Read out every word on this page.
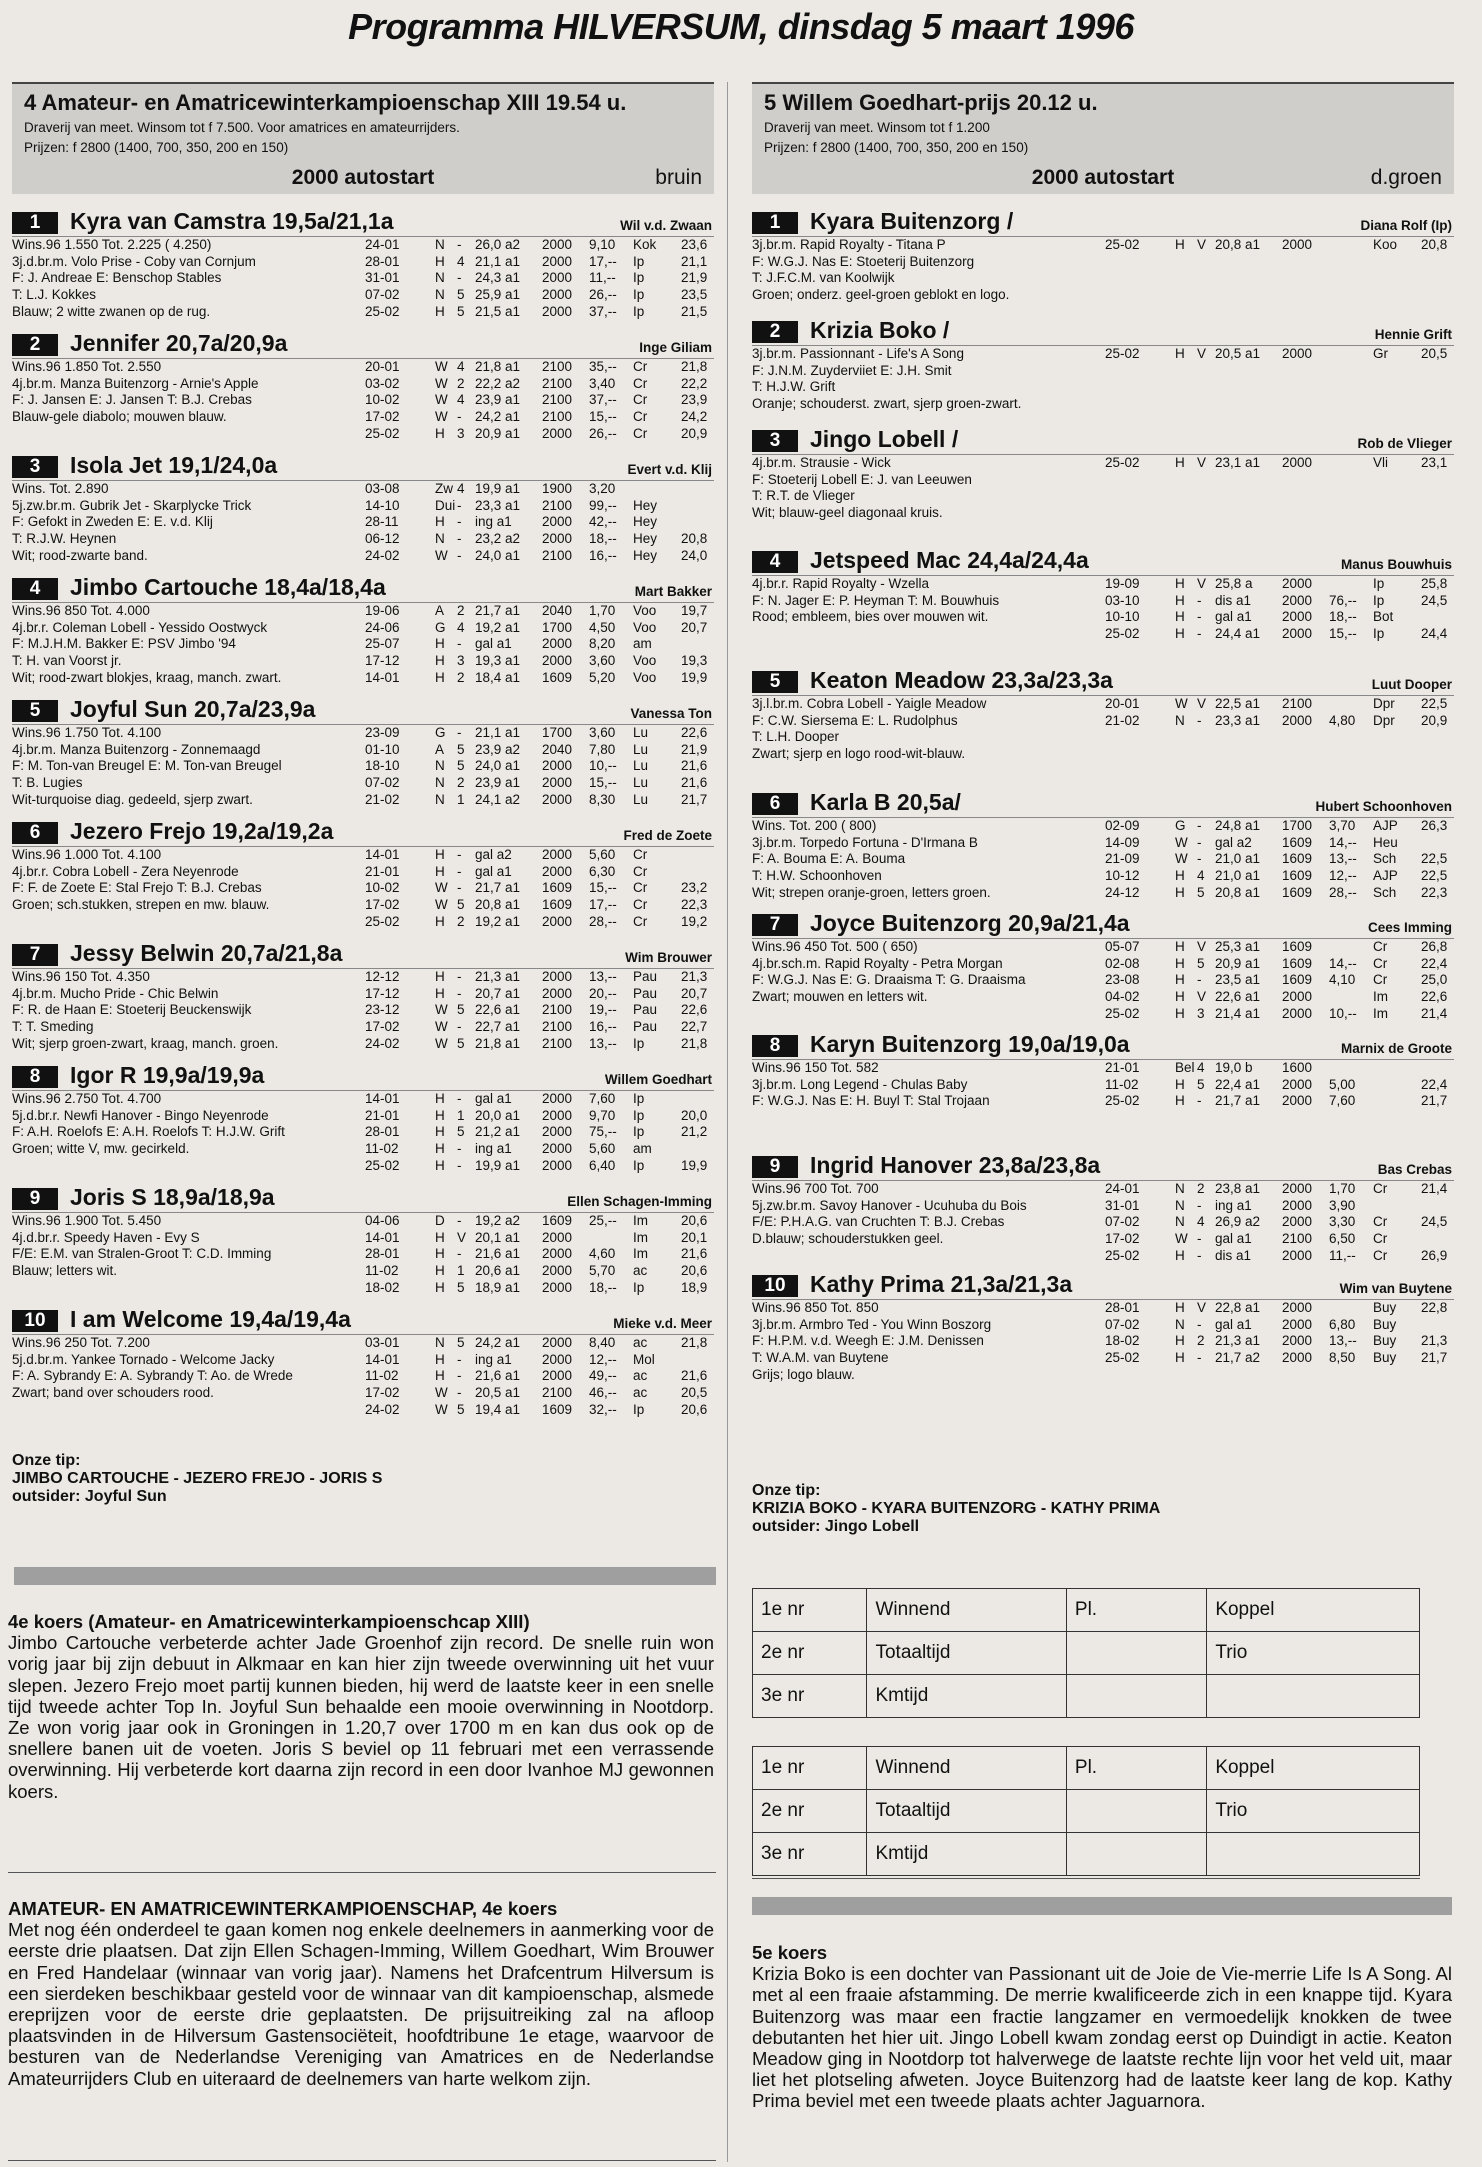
Programma HILVERSUM, dinsdag 5 maart 1996
4 Amateur- en Amatricewinterkampioenschap XIII 19.54 u.
Draverij van meet. Winsom tot f 7.500. Voor amatrices en amateurrijders.
Prijzen: f 2800 (1400, 700, 350, 200 en 150)
2000 autostart	bruin
1	Kyra van Camstra 19,5a/21,1a	Wil v.d. Zwaan
Wins.96 1.550 Tot. 2.225 ( 4.250)
3j.d.br.m. Volo Prise - Coby van Cornjum
F: J. Andreae E: Benschop Stables
T: L.J. Kokkes
Blauw; 2 witte zwanen op de rug.
24-01	N - 26,0 a2 2000 9,10 Kok 23,6
28-01	H 4 21,1 a1 2000 17,-- Ip	21,1
31-01	N - 24,3 a1 2000 11,-- Ip	21,9
07-02	N 5 25,9 a1 2000 26,-- Ip	23,5
25-02	H 5 21,5 a1 2000 37,-- Ip	21,5
2	Jennifer 20,7a/20,9a	Inge Giliam
Wins.96 1.850 Tot. 2.550
4j.br.m. Manza Buitenzorg - Arnie's Apple
F: J. Jansen E: J. Jansen T: B.J. Crebas
Blauw-gele diabolo; mouwen blauw.
20-01	W 4 21,8 a1 2100 35,-- Cr	21,8
03-02	W 2 22,2 a2 2100 3,40 Cr	22,2
10-02	W 4 23,9 a1 2100 37,-- Cr	23,9
17-02	W - 24,2 a1 2100 15,-- Cr	24,2
25-02	H 3 20,9 a1 2000 26,-- Cr	20,9
3	Isola Jet 19,1/24,0a	Evert v.d. Klij
Wins. Tot. 2.890
5j.zw.br.m. Gubrik Jet - Skarplycke Trick
F: Gefokt in Zweden E: E. v.d. Klij
T: R.J.W. Heynen
Wit; rood-zwarte band.
03-08	Zw 4 19,9 a1 1900 3,20
14-10	Dui - 23,3 a1 2100 99,-- Hey
28-11	H - ing a1 2000 42,-- Hey
06-12	N - 23,2 a2 2000 18,-- Hey 20,8
24-02	W - 24,0 a1 2100 16,-- Hey 24,0
4	Jimbo Cartouche 18,4a/18,4a	Mart Bakker
Wins.96 850 Tot. 4.000
4j.br.r. Coleman Lobell - Yessido Oostwyck
F: M.J.H.M. Bakker E: PSV Jimbo '94
T: H. van Voorst jr.
Wit; rood-zwart blokjes, kraag, manch. zwart.
19-06	A 2 21,7 a1 2040 1,70 Voo 19,7
24-06	G 4 19,2 a1 1700 4,50 Voo 20,7
25-07	H - gal a1 2000 8,20 am
17-12	H 3 19,3 a1 2000 3,60 Voo 19,3
14-01	H 2 18,4 a1 1609 5,20 Voo 19,9
5	Joyful Sun 20,7a/23,9a	Vanessa Ton
Wins.96 1.750 Tot. 4.100
4j.br.m. Manza Buitenzorg - Zonnemaagd
F: M. Ton-van Breugel E: M. Ton-van Breugel
T: B. Lugies
Wit-turquoise diag. gedeeld, sjerp zwart.
23-09	G - 21,1 a1 1700 3,60 Lu 22,6
01-10	A 5 23,9 a2 2040 7,80 Lu 21,9
18-10	N 5 24,0 a1 2000 10,-- Lu 21,6
07-02	N 2 23,9 a1 2000 15,-- Lu 21,6
21-02	N 1 24,1 a2 2000 8,30 Lu 21,7
6	Jezero Frejo 19,2a/19,2a	Fred de Zoete
Wins.96 1.000 Tot. 4.100
4j.br.r. Cobra Lobell - Zera Neyenrode
F: F. de Zoete E: Stal Frejo T: B.J. Crebas
Groen; sch.stukken, strepen en mw. blauw.
14-01	H - gal a2 2000 5,60 Cr
21-01	H - gal a1 2000 6,30 Cr
10-02	W - 21,7 a1 1609 15,-- Cr	23,2
17-02	W 5 20,8 a1 1609 17,-- Cr	22,3
25-02	H 2 19,2 a1 2000 28,-- Cr	19,2
7	Jessy Belwin 20,7a/21,8a	Wim Brouwer
Wins.96 150 Tot. 4.350
4j.br.m. Mucho Pride - Chic Belwin
F: R. de Haan E: Stoeterij Beuckenswijk
T: T. Smeding
Wit; sjerp groen-zwart, kraag, manch. groen.
12-12	H - 21,3 a1 2000 13,-- Pau 21,3
17-12	H - 20,7 a1 2000 20,-- Pau 20,7
23-12	W 5 22,6 a1 2100 19,-- Pau 22,6
17-02	W - 22,7 a1 2100 16,-- Pau 22,7
24-02	W 5 21,8 a1 2100 13,-- Ip	21,8
8	Igor R 19,9a/19,9a	Willem Goedhart
Wins.96 2.750 Tot. 4.700
5j.d.br.r. Newfi Hanover - Bingo Neyenrode
F: A.H. Roelofs E: A.H. Roelofs T: H.J.W. Grift
Groen; witte V, mw. gecirkeld.
14-01	H - gal a1 2000 7,60 Ip
21-01	H 1 20,0 a1 2000 9,70 Ip	20,0
28-01	H 5 21,2 a1 2000 75,-- Ip	21,2
11-02	H - ing a1 2000 5,60 am
25-02	H - 19,9 a1 2000 6,40 Ip	19,9
9	Joris S 18,9a/18,9a	Ellen Schagen-Imming
Wins.96 1.900 Tot. 5.450
4j.d.br.r. Speedy Haven - Evy S
F/E: E.M. van Stralen-Groot T: C.D. Imming
Blauw; letters wit.
04-06	D - 19,2 a2 1609 25,-- Im 20,6
14-01	H V 20,1 a1 2000	Im 20,1
28-01	H - 21,6 a1 2000 4,60 Im 21,6
11-02	H 1 20,6 a1 2000 5,70 ac 20,6
18-02	H 5 18,9 a1 2000 18,-- Ip	18,9
10	I am Welcome 19,4a/19,4a	Mieke v.d. Meer
Wins.96 250 Tot. 7.200
5j.d.br.m. Yankee Tornado - Welcome Jacky
F: A. Sybrandy E: A. Sybrandy T: Ao. de Wrede
Zwart; band over schouders rood.
03-01	N 5 24,2 a1 2000 8,40 ac 21,8
14-01	H - ing a1 2000 12,-- Mol
11-02	H - 21,6 a1 2000 49,-- ac 21,6
17-02	W - 20,5 a1 2100 46,-- ac 20,5
24-02	W 5 19,4 a1 1609 32,-- Ip	20,6
Onze tip:
JIMBO CARTOUCHE - JEZERO FREJO - JORIS S
outsider: Joyful Sun
5 Willem Goedhart-prijs 20.12 u.
Draverij van meet. Winsom tot f 1.200
Prijzen: f 2800 (1400, 700, 350, 200 en 150)
2000 autostart	d.groen
1	Kyara Buitenzorg /	Diana Rolf (Ip)
3j.br.m. Rapid Royalty - Titana P
F: W.G.J. Nas E: Stoeterij Buitenzorg
T: J.F.C.M. van Koolwijk
Groen; onderz. geel-groen geblokt en logo.
25-02	H V 20,8 a1 2000	Koo 20,8
2	Krizia Boko /	Hennie Grift
3j.br.m. Passionnant - Life's A Song
F: J.N.M. Zuyderviiet E: J.H. Smit
T: H.J.W. Grift
Oranje; schouderst. zwart, sjerp groen-zwart.
25-02	H V 20,5 a1 2000	Gr 20,5
3	Jingo Lobell /	Rob de Vlieger
4j.br.m. Strausie - Wick
F: Stoeterij Lobell E: J. van Leeuwen
T: R.T. de Vlieger
Wit; blauw-geel diagonaal kruis.
25-02	H V 23,1 a1 2000	Vli 23,1
4	Jetspeed Mac 24,4a/24,4a	Manus Bouwhuis
4j.br.r. Rapid Royalty - Wzella
F: N. Jager E: P. Heyman T: M. Bouwhuis
Rood; embleem, bies over mouwen wit.
19-09	H V 25,8 a 2000	Ip	25,8
03-10	H - dis a1 2000 76,-- Ip	24,5
10-10	H - gal a1 2000 18,-- Bot
25-02	H - 24,4 a1 2000 15,-- Ip	24,4
5	Keaton Meadow 23,3a/23,3a	Luut Dooper
3j.l.br.m. Cobra Lobell - Yaigle Meadow
F: C.W. Siersema E: L. Rudolphus
T: L.H. Dooper
Zwart; sjerp en logo rood-wit-blauw.
20-01	W V 22,5 a1 2100	Dpr 22,5
21-02	N - 23,3 a1 2000 4,80 Dpr 20,9
6	Karla B 20,5a/	Hubert Schoonhoven
Wins. Tot. 200 ( 800)
3j.br.m. Torpedo Fortuna - D'Irmana B
F: A. Bouma E: A. Bouma
T: H.W. Schoonhoven
Wit; strepen oranje-groen, letters groen.
02-09	G - 24,8 a1 1700 3,70 AJP 26,3
14-09	W - gal a2 1609 14,-- Heu
21-09	W - 21,0 a1 1609 13,-- Sch 22,5
10-12	H 4 21,0 a1 1609 12,-- AJP 22,5
24-12	H 5 20,8 a1 1609 28,-- Sch 22,3
7	Joyce Buitenzorg 20,9a/21,4a	Cees Imming
Wins.96 450 Tot. 500 ( 650)
4j.br.sch.m. Rapid Royalty - Petra Morgan
F: W.G.J. Nas E: G. Draaisma T: G. Draaisma
Zwart; mouwen en letters wit.
05-07	H V 25,3 a1 1609	Cr	26,8
02-08	H 5 20,9 a1 1609 14,-- Cr	22,4
23-08	H - 23,5 a1 1609 4,10 Cr	25,0
04-02	H V 22,6 a1 2000	Im 22,6
25-02	H 3 21,4 a1 2000 10,-- Im 21,4
8	Karyn Buitenzorg 19,0a/19,0a	Marnix de Groote
Wins.96 150 Tot. 582
3j.br.m. Long Legend - Chulas Baby
F: W.G.J. Nas E: H. Buyl T: Stal Trojaan
21-01	Bel 4 19,0 b 1600
11-02	H 5 22,4 a1 2000 5,00	22,4
25-02	H - 21,7 a1 2000 7,60	21,7
9	Ingrid Hanover 23,8a/23,8a	Bas Crebas
Wins.96 700 Tot. 700
5j.zw.br.m. Savoy Hanover - Ucuhuba du Bois
F/E: P.H.A.G. van Cruchten T: B.J. Crebas
D.blauw; schouderstukken geel.
24-01	N 2 23,8 a1 2000 1,70 Cr	21,4
31-01	N - ing a1 2000 3,90
07-02	N 4 26,9 a2 2000 3,30 Cr	24,5
17-02	W - gal a1 2100 6,50 Cr
25-02	H - dis a1 2000 11,-- Cr	26,9
10	Kathy Prima 21,3a/21,3a	Wim van Buytene
Wins.96 850 Tot. 850
3j.br.m. Armbro Ted - You Winn Boszorg
F: H.P.M. v.d. Weegh E: J.M. Denissen
T: W.A.M. van Buytene
Grijs; logo blauw.
28-01	H V 22,8 a1 2000	Buy 22,8
07-02	N - gal a1 2000 6,80 Buy
18-02	H 2 21,3 a1 2000 13,-- Buy 21,3
25-02	H - 21,7 a2 2000 8,50 Buy 21,7
Onze tip:
KRIZIA BOKO - KYARA BUITENZORG - KATHY PRIMA
outsider: Jingo Lobell
4e koers (Amateur- en Amatricewinterkampioenschcap XIII)
Jimbo Cartouche verbeterde achter Jade Groenhof zijn record. De snelle ruin won vorig jaar bij zijn debuut in Alkmaar en kan hier zijn tweede overwinning uit het vuur slepen. Jezero Frejo moet partij kunnen bieden, hij werd de laatste keer in een snelle tijd tweede achter Top In. Joyful Sun behaalde een mooie overwinning in Nootdorp. Ze won vorig jaar ook in Groningen in 1.20,7 over 1700 m en kan dus ook op de snellere banen uit de voeten. Joris S beviel op 11 februari met een verrassende overwinning. Hij verbeterde kort daarna zijn record in een door Ivanhoe MJ gewonnen koers.
AMATEUR- EN AMATRICEWINTERKAMPIOENSCHAP, 4e koers
Met nog één onderdeel te gaan komen nog enkele deelnemers in aanmerking voor de eerste drie plaatsen. Dat zijn Ellen Schagen-Imming, Willem Goedhart, Wim Brouwer en Fred Handelaar (winnaar van vorig jaar). Namens het Drafcentrum Hilversum is een sierdeken beschikbaar gesteld voor de winnaar van dit kampioenschap, alsmede ereprijzen voor de eerste drie geplaatsten. De prijsuitreiking zal na afloop plaatsvinden in de Hilversum Gastensociëteit, hoofdtribune 1e etage, waarvoor de besturen van de Nederlandse Vereniging van Amatrices en de Nederlandse Amateurrijders Club en uiteraard de deelnemers van harte welkom zijn.
1e nr	Winnend	Pl.	Koppel
2e nr	Totaaltijd		Trio
3e nr	Kmtijd		
1e nr	Winnend	Pl.	Koppel
2e nr	Totaaltijd		Trio
3e nr	Kmtijd		
5e koers
Krizia Boko is een dochter van Passionant uit de Joie de Vie-merrie Life Is A Song. Al met al een fraaie afstamming. De merrie kwalificeerde zich in een knappe tijd. Kyara Buitenzorg was maar een fractie langzamer en vermoedelijk knokken de twee debutanten het hier uit. Jingo Lobell kwam zondag eerst op Duindigt in actie. Keaton Meadow ging in Nootdorp tot halverwege de laatste rechte lijn voor het veld uit, maar liet het plotseling afweten. Joyce Buitenzorg had de laatste keer lang de kop. Kathy Prima beviel met een tweede plaats achter Jaguarnora.
